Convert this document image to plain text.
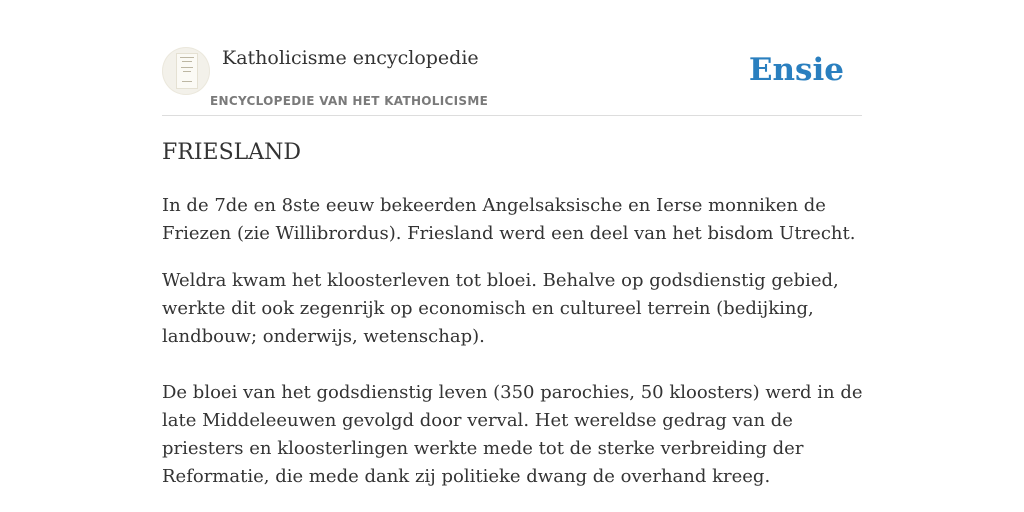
Katholicisme encyclopedie
ENCYCLOPEDIE VAN HET KATHOLICISME
Ensie
FRIESLAND

In de 7de en 8ste eeuw bekeerden Angelsaksische en Ierse monniken de Friezen (zie Willibrordus). Friesland werd een deel van het bisdom Utrecht.

Weldra kwam het kloosterleven tot bloei. Behalve op godsdienstig gebied, werkte dit ook zegenrijk op economisch en cultureel terrein (bedijking, landbouw; onderwijs, wetenschap).

De bloei van het godsdienstig leven (350 parochies, 50 kloosters) werd in de late Middeleeuwen gevolgd door verval. Het wereldse gedrag van de priesters en kloosterlingen werkte mede tot de sterke verbreiding der Reformatie, die mede dank zij politieke dwang de overhand kreeg.
